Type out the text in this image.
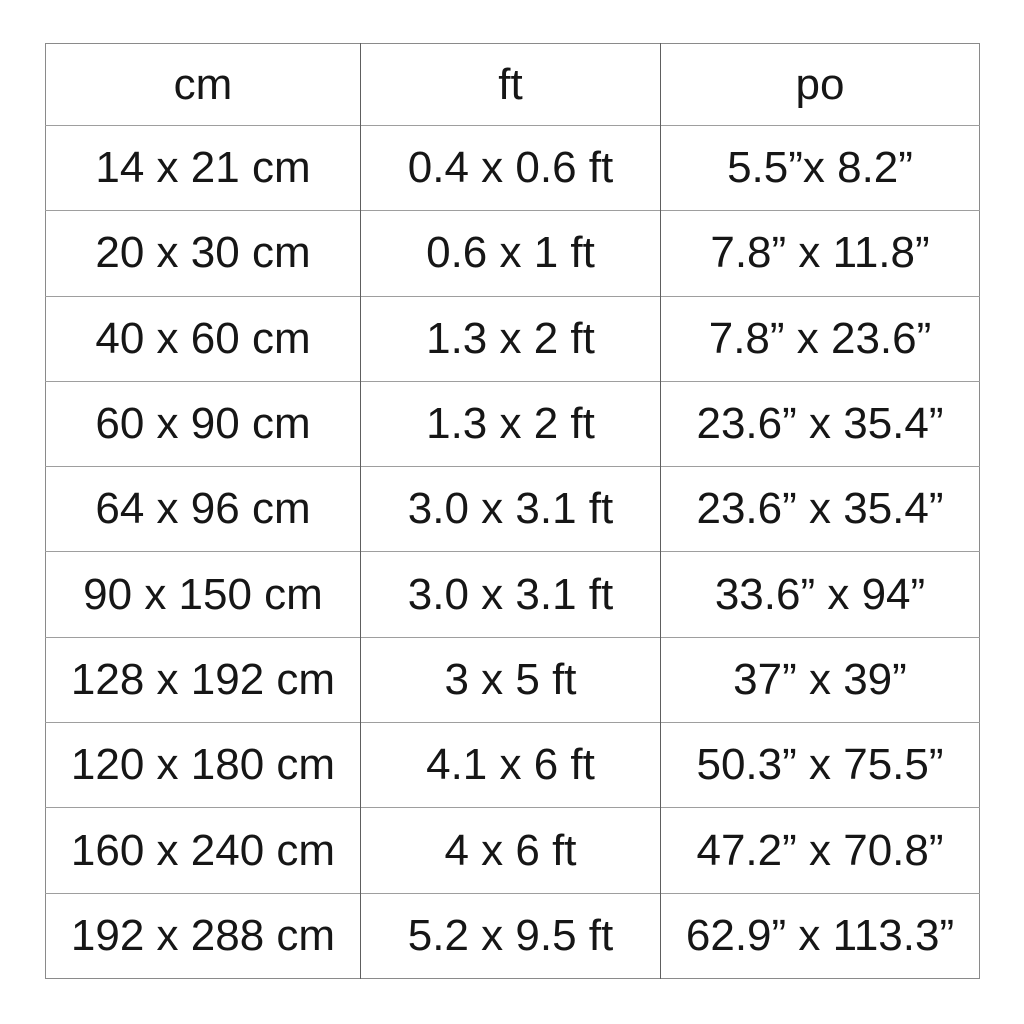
cm	ft	po
14 x 21 cm	0.4 x 0.6 ft	5.5”x 8.2”
20 x 30 cm	0.6 x 1 ft	7.8” x 11.8”
40 x 60 cm	1.3 x 2 ft	7.8” x 23.6”
60 x 90 cm	1.3 x 2 ft	23.6” x 35.4”
64 x 96 cm	3.0 x 3.1 ft	23.6” x 35.4”
90 x 150 cm	3.0 x 3.1 ft	33.6” x 94”
128 x 192 cm	3 x 5 ft	37” x 39”
120 x 180 cm	4.1 x 6 ft	50.3” x 75.5”
160 x 240 cm	4 x 6 ft	47.2” x 70.8”
192 x 288 cm	5.2 x 9.5 ft	62.9” x 113.3”
